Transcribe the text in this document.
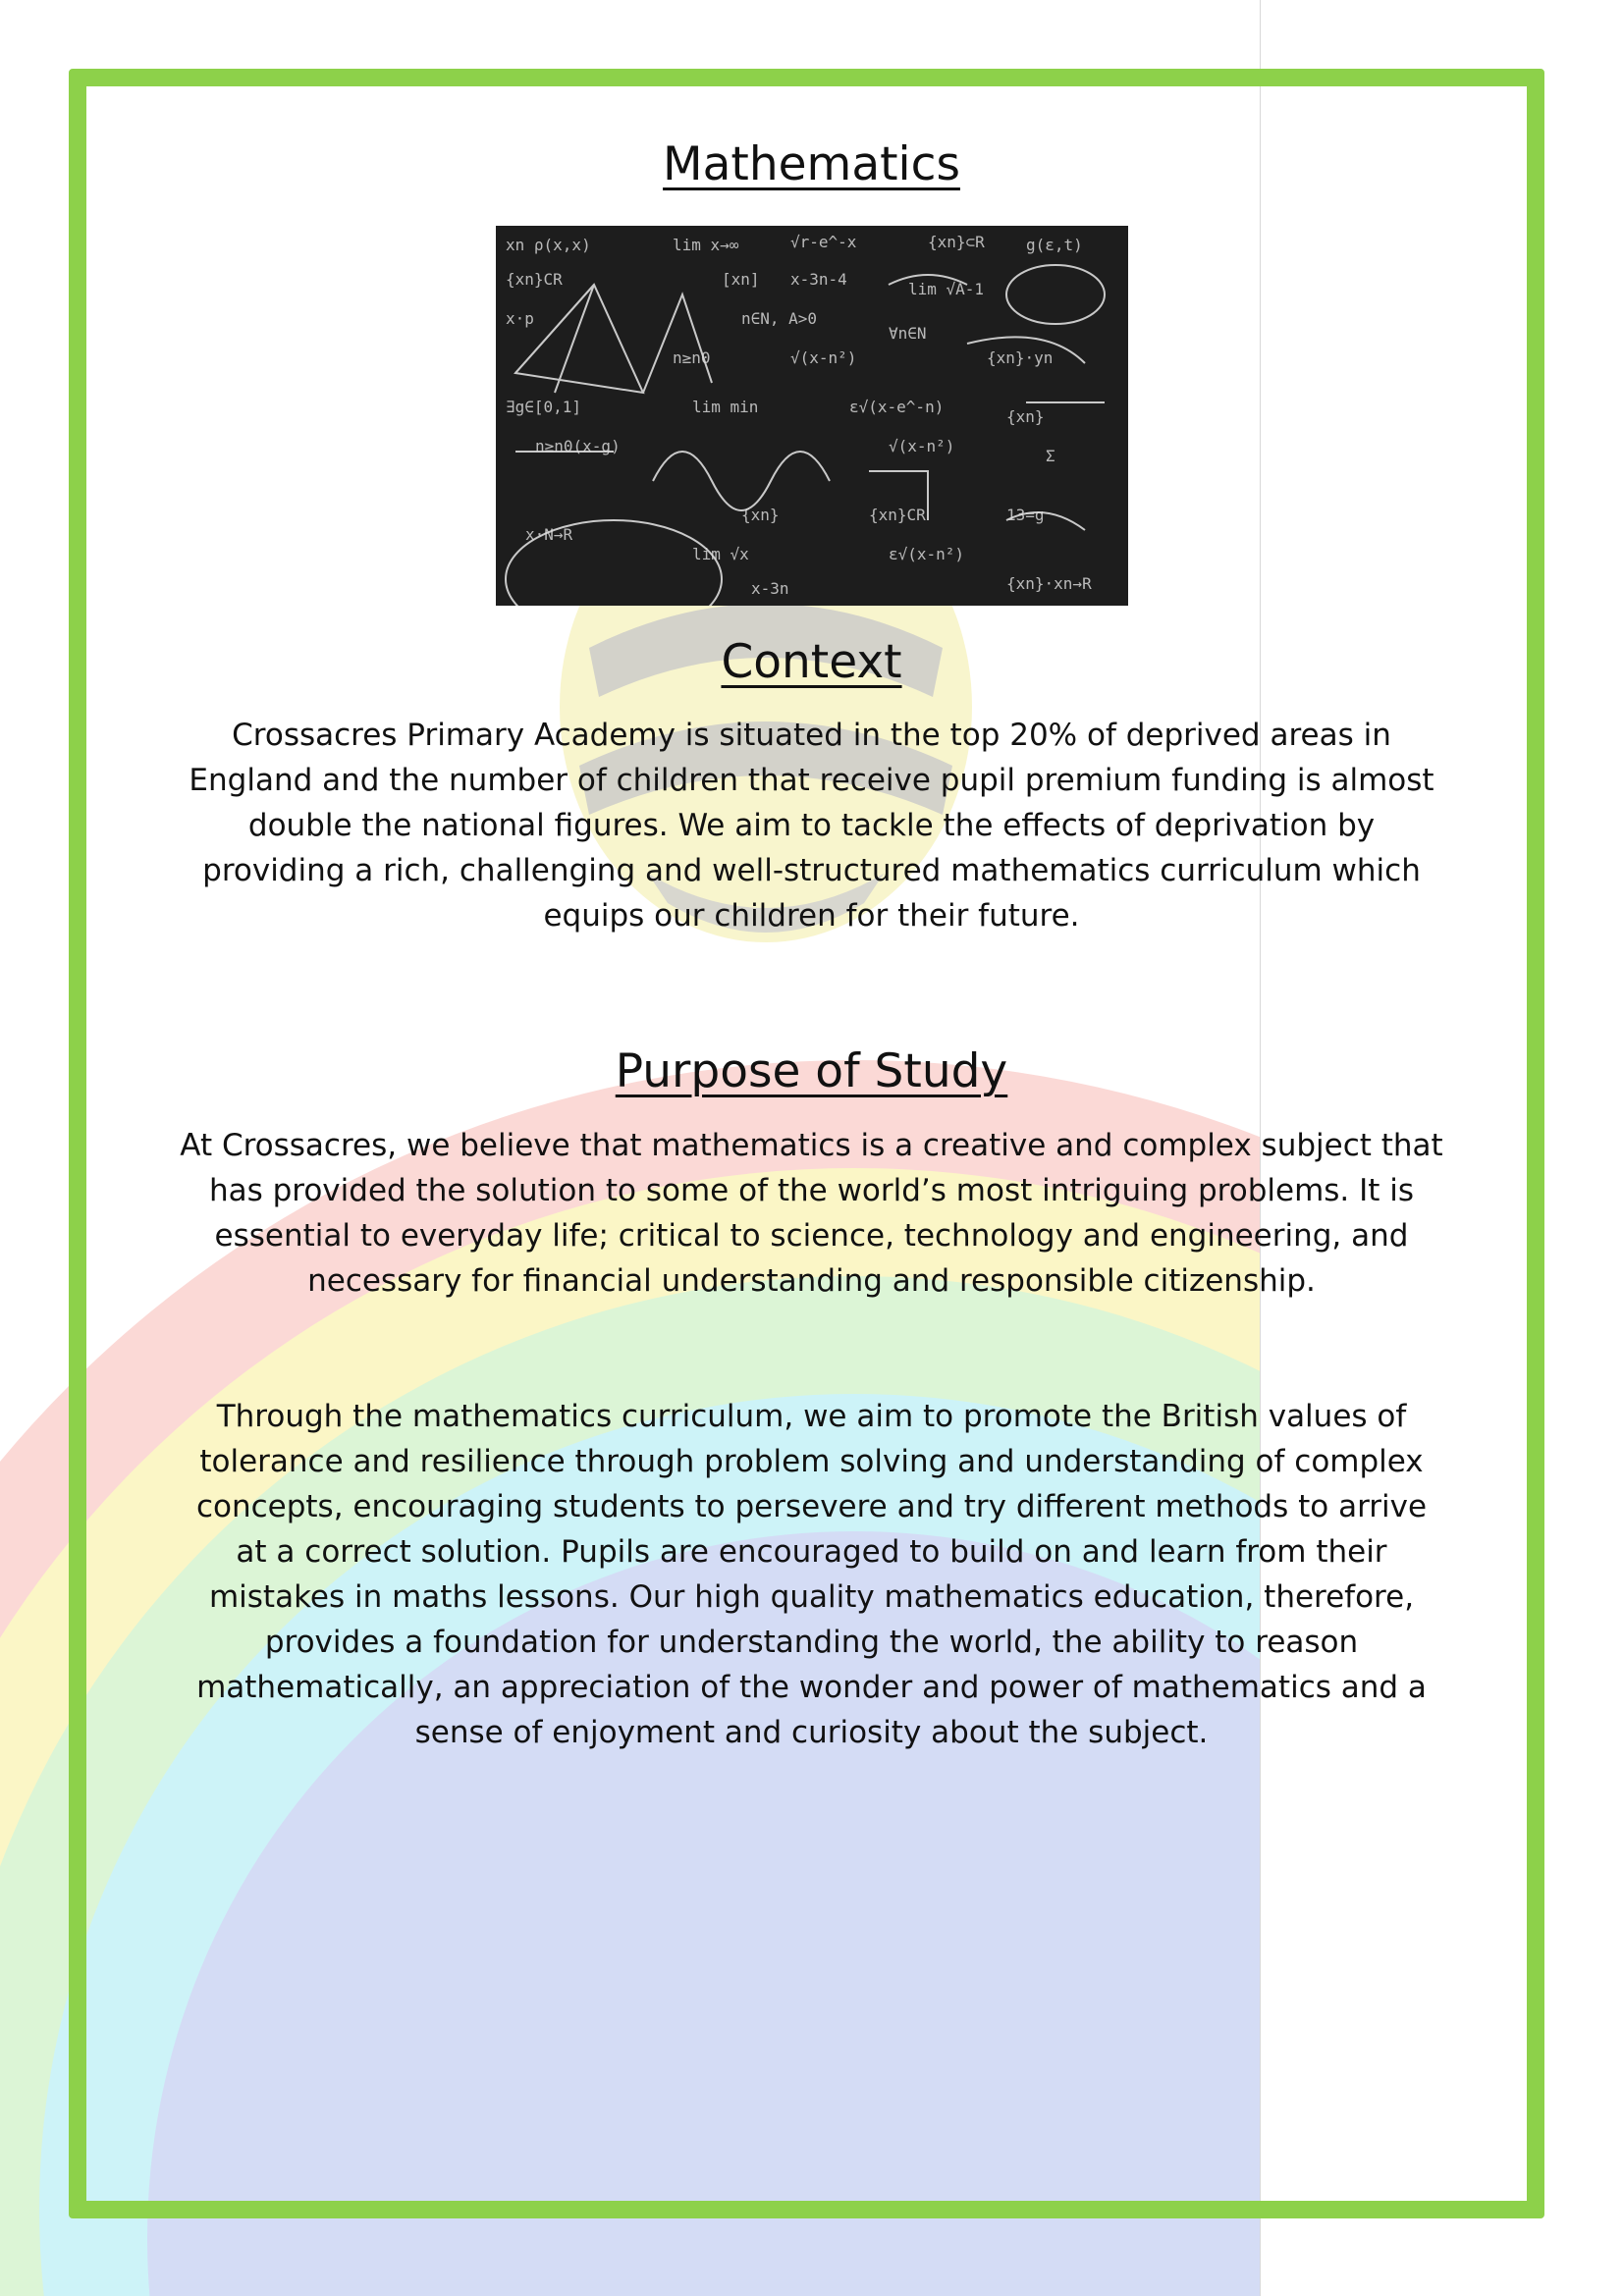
Mathematics
xn ρ(x,x)	lim x→∞	√r-e^-x	{xn}⊂R	g(ε,t)
{xn}CR	[xn] x-3n-4
lim √A-1
x·p	n∈N, A>0
∀n∈N
n≥n0	√(x-n²)	{xn}·yn
∃g∈[0,1]	lim min	ε√(x-e^-n)
{xn}
n≥n0(x-g)	√(x-n²)
Σ
{xn}	{xn}CR	13=g
x·N→R
lim √x	ε√(x-n²)
{xn}·xn→R
x-3n
Context

Crossacres Primary Academy is situated in the top 20% of deprived areas in England and the number of children that receive pupil premium funding is almost double the national figures. We aim to tackle the effects of deprivation by providing a rich, challenging and well-structured mathematics curriculum which equips our children for their future.

Purpose of Study

At Crossacres, we believe that mathematics is a creative and complex subject that has provided the solution to some of the world’s most intriguing problems. It is essential to everyday life; critical to science, technology and engineering, and necessary for financial understanding and responsible citizenship.

Through the mathematics curriculum, we aim to promote the British values of tolerance and resilience through problem solving and understanding of complex concepts, encouraging students to persevere and try different methods to arrive at a correct solution. Pupils are encouraged to build on and learn from their mistakes in maths lessons. Our high quality mathematics education, therefore, provides a foundation for understanding the world, the ability to reason mathematically, an appreciation of the wonder and power of mathematics and a sense of enjoyment and curiosity about the subject.
